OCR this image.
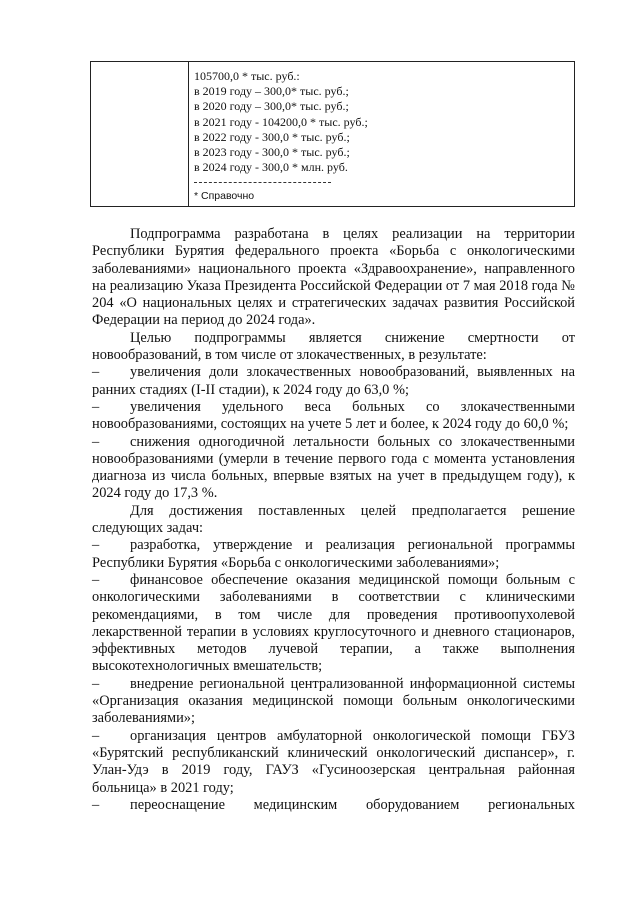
105700,0 * тыс. руб.:
в 2019 году – 300,0* тыс. руб.;
в 2020 году – 300,0* тыс. руб.;
в 2021 году - 104200,0 * тыс. руб.;
в 2022 году - 300,0 * тыс. руб.;
в 2023 году - 300,0 * тыс. руб.;
в 2024 году - 300,0 * млн. руб.
* Справочно

Подпрограмма разработана в целях реализации на территории Республики Бурятия федерального проекта «Борьба с онкологическими заболеваниями» национального проекта «Здравоохранение», направленного на реализацию Указа Президента Российской Федерации от 7 мая 2018 года № 204 «О национальных целях и стратегических задачах развития Российской Федерации на период до 2024 года».

Целью подпрограммы является снижение смертности от новообразований, в том числе от злокачественных, в результате:

– увеличения доли злокачественных новообразований, выявленных на ранних стадиях (I-II стадии), к 2024 году до 63,0 %;
– увеличения удельного веса больных со злокачественными новообразованиями, состоящих на учете 5 лет и более, к 2024 году до 60,0 %;
– снижения одногодичной летальности больных со злокачественными новообразованиями (умерли в течение первого года с момента установления диагноза из числа больных, впервые взятых на учет в предыдущем году), к 2024 году до 17,3 %.

Для достижения поставленных целей предполагается решение следующих задач:

– разработка, утверждение и реализация региональной программы Республики Бурятия «Борьба с онкологическими заболеваниями»;
– финансовое обеспечение оказания медицинской помощи больным с онкологическими заболеваниями в соответствии с клиническими рекомендациями, в том числе для проведения противоопухолевой лекарственной терапии в условиях круглосуточного и дневного стационаров, эффективных методов лучевой терапии, а также выполнения высокотехнологичных вмешательств;
– внедрение региональной централизованной информационной системы «Организация оказания медицинской помощи больным онкологическими заболеваниями»;
– организация центров амбулаторной онкологической помощи ГБУЗ «Бурятский республиканский клинический онкологический диспансер», г. Улан-Удэ в 2019 году, ГАУЗ «Гусиноозерская центральная районная больница» в 2021 году;
– переоснащение медицинским оборудованием региональных
